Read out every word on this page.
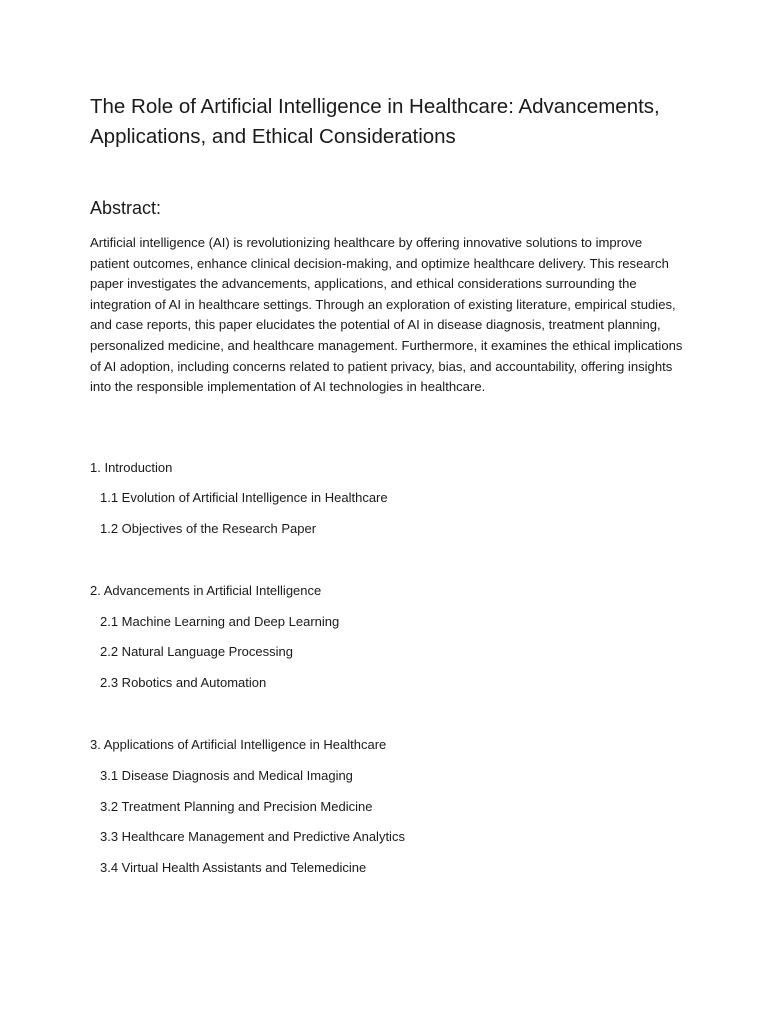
The Role of Artificial Intelligence in Healthcare: Advancements, Applications, and Ethical Considerations
Abstract:

Artificial intelligence (AI) is revolutionizing healthcare by offering innovative solutions to improve patient outcomes, enhance clinical decision-making, and optimize healthcare delivery. This research paper investigates the advancements, applications, and ethical considerations surrounding the integration of AI in healthcare settings. Through an exploration of existing literature, empirical studies, and case reports, this paper elucidates the potential of AI in disease diagnosis, treatment planning, personalized medicine, and healthcare management. Furthermore, it examines the ethical implications of AI adoption, including concerns related to patient privacy, bias, and accountability, offering insights into the responsible implementation of AI technologies in healthcare.

1. Introduction
1.1 Evolution of Artificial Intelligence in Healthcare
1.2 Objectives of the Research Paper
2. Advancements in Artificial Intelligence
2.1 Machine Learning and Deep Learning
2.2 Natural Language Processing
2.3 Robotics and Automation
3. Applications of Artificial Intelligence in Healthcare
3.1 Disease Diagnosis and Medical Imaging
3.2 Treatment Planning and Precision Medicine
3.3 Healthcare Management and Predictive Analytics
3.4 Virtual Health Assistants and Telemedicine
